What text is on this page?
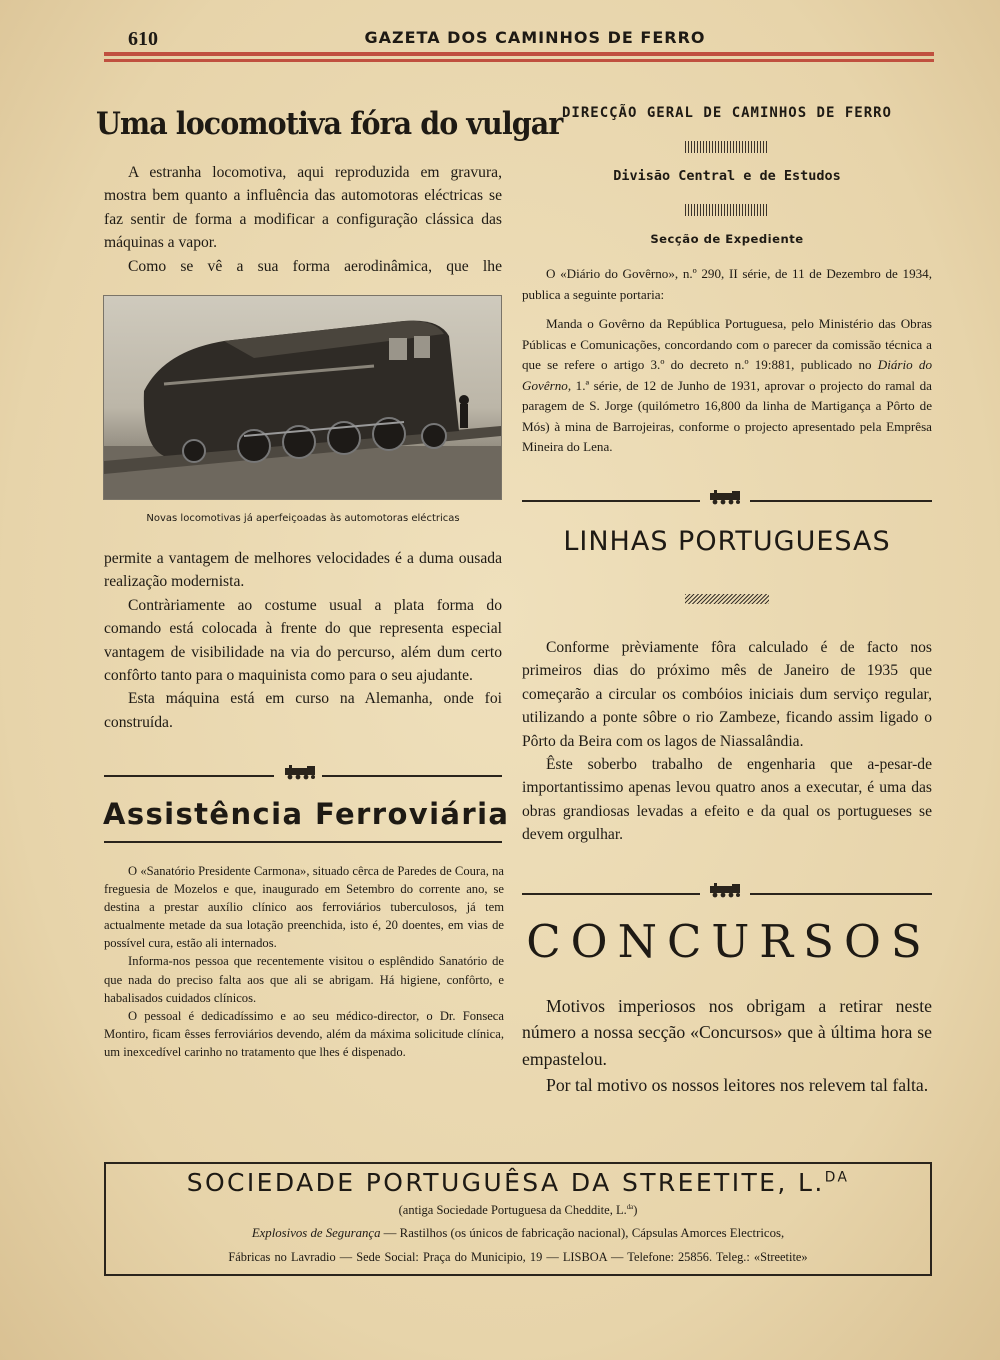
610	GAZETA DOS CAMINHOS DE FERRO
Uma locomotiva fóra do vulgar

A estranha locomotiva, aqui reproduzida em gravura, mostra bem quanto a influência das automotoras eléctricas se faz sentir de forma a modificar a configuração clássica das máquinas a vapor.

Como se vê a sua forma aerodinâmica, que lhe

Novas locomotivas já aperfeiçoadas às automotoras eléctricas

permite a vantagem de melhores velocidades é a duma ousada realização modernista.

Contràriamente ao costume usual a plata forma do comando está colocada à frente do que representa especial vantagem de visibilidade na via do percurso, além dum certo confôrto tanto para o maquinista como para o seu ajudante.

Esta máquina está em curso na Alemanha, onde foi construída.

Assistência Ferroviária

O «Sanatório Presidente Carmona», situado cêrca de Paredes de Coura, na freguesia de Mozelos e que, inaugurado em Setembro do corrente ano, se destina a prestar auxílio clínico aos ferroviários tuberculosos, já tem actualmente metade da sua lotação preenchida, isto é, 20 doentes, em vias de possível cura, estão ali internados.

Informa-nos pessoa que recentemente visitou o esplêndido Sanatório de que nada do preciso falta aos que ali se abrigam. Há higiene, confôrto, e habalisados cuidados clínicos.

O pessoal é dedicadíssimo e ao seu médico-director, o Dr. Fonseca Montiro, ficam êsses ferroviários devendo, além da máxima solicitude clínica, um inexcedível carinho no tratamento que lhes é dispenado.

DIRECÇÃO GERAL DE CAMINHOS DE FERRO
Divisão Central e de Estudos
Secção de Expediente

O «Diário do Govêrno», n.º 290, II série, de 11 de Dezembro de 1934, publica a seguinte portaria:

Manda o Govêrno da República Portuguesa, pelo Ministério das Obras Públicas e Comunicações, concordando com o parecer da comissão técnica a que se refere o artigo 3.º do decreto n.º 19:881, publicado no Diário do Govêrno, 1.ª série, de 12 de Junho de 1931, aprovar o projecto do ramal da paragem de S. Jorge (quilómetro 16,800 da linha de Martigança a Pôrto de Mós) à mina de Barrojeiras, conforme o projecto apresentado pela Emprêsa Mineira do Lena.

LINHAS PORTUGUESAS

Conforme prèviamente fôra calculado é de facto nos primeiros dias do próximo mês de Janeiro de 1935 que começarão a circular os combóios iniciais dum serviço regular, utilizando a ponte sôbre o rio Zambeze, ficando assim ligado o Pôrto da Beira com os lagos de Niassalândia.

Êste soberbo trabalho de engenharia que a-pesar-de importantissimo apenas levou quatro anos a executar, é uma das obras grandiosas levadas a efeito e da qual os portugueses se devem orgulhar.

CONCURSOS

Motivos imperiosos nos obrigam a retirar neste número a nossa secção «Concursos» que à última hora se empastelou.

Por tal motivo os nossos leitores nos relevem tal falta.

SOCIEDADE PORTUGUÊSA DA STREETITE, L.$^{DA}$
(antiga Sociedade Portuguesa da Cheddite, L.$^{da}$)
Explosivos de Segurança — Rastilhos (os únicos de fabricação nacional), Cápsulas Amorces Electricos,
Fábricas no Lavradio — Sede Social: Praça do Municipio, 19 — LISBOA — Telefone: 25856. Teleg.: «Streetite»
